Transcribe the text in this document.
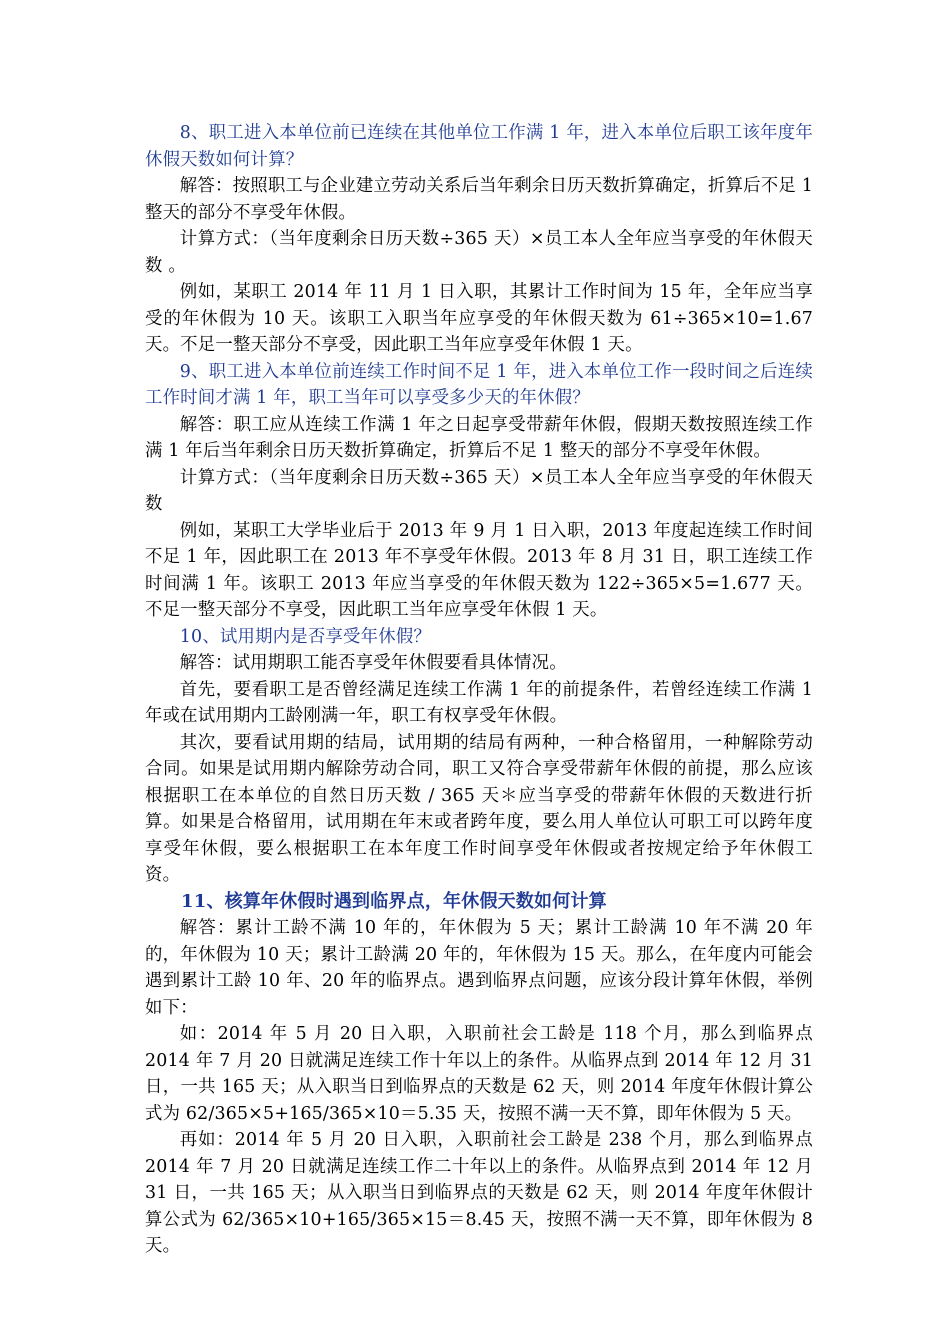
8、职工进入本单位前已连续在其他单位工作满 1 年，进入本单位后职工该年度年休假天数如何计算？

解答：按照职工与企业建立劳动关系后当年剩余日历天数折算确定，折算后不足 1 整天的部分不享受年休假。

计算方式：（当年度剩余日历天数÷365 天）×员工本人全年应当享受的年休假天数 。

例如，某职工 2014 年 11 月 1 日入职，其累计工作时间为 15 年，全年应当享受的年休假为 10 天。该职工入职当年应享受的年休假天数为 61÷365×10=1.67 天。不足一整天部分不享受，因此职工当年应享受年休假 1 天。

9、职工进入本单位前连续工作时间不足 1 年，进入本单位工作一段时间之后连续工作时间才满 1 年，职工当年可以享受多少天的年休假？

解答：职工应从连续工作满 1 年之日起享受带薪年休假，假期天数按照连续工作满 1 年后当年剩余日历天数折算确定，折算后不足 1 整天的部分不享受年休假。

计算方式：（当年度剩余日历天数÷365 天）×员工本人全年应当享受的年休假天数

例如，某职工大学毕业后于 2013 年 9 月 1 日入职，2013 年度起连续工作时间不足 1 年，因此职工在 2013 年不享受年休假。2013 年 8 月 31 日，职工连续工作时间满 1 年。该职工 2013 年应当享受的年休假天数为 122÷365×5=1.677 天。不足一整天部分不享受，因此职工当年应享受年休假 1 天。

10、试用期内是否享受年休假？

解答：试用期职工能否享受年休假要看具体情况。

首先，要看职工是否曾经满足连续工作满 1 年的前提条件，若曾经连续工作满 1 年或在试用期内工龄刚满一年，职工有权享受年休假。

其次，要看试用期的结局，试用期的结局有两种，一种合格留用，一种解除劳动合同。如果是试用期内解除劳动合同，职工又符合享受带薪年休假的前提，那么应该根据职工在本单位的自然日历天数 / 365 天＊应当享受的带薪年休假的天数进行折算。如果是合格留用，试用期在年末或者跨年度，要么用人单位认可职工可以跨年度享受年休假，要么根据职工在本年度工作时间享受年休假或者按规定给予年休假工资。

11、核算年休假时遇到临界点，年休假天数如何计算

解答：累计工龄不满 10 年的，年休假为 5 天；累计工龄满 10 年不满 20 年的，年休假为 10 天；累计工龄满 20 年的，年休假为 15 天。那么，在年度内可能会遇到累计工龄 10 年、20 年的临界点。遇到临界点问题，应该分段计算年休假，举例如下：

如：2014 年 5 月 20 日入职，入职前社会工龄是 118 个月，那么到临界点 2014 年 7 月 20 日就满足连续工作十年以上的条件。从临界点到 2014 年 12 月 31 日，一共 165 天；从入职当日到临界点的天数是 62 天，则 2014 年度年休假计算公式为 62/365×5+165/365×10＝5.35 天，按照不满一天不算，即年休假为 5 天。

再如：2014 年 5 月 20 日入职，入职前社会工龄是 238 个月，那么到临界点 2014 年 7 月 20 日就满足连续工作二十年以上的条件。从临界点到 2014 年 12 月 31 日，一共 165 天；从入职当日到临界点的天数是 62 天，则 2014 年度年休假计算公式为 62/365×10+165/365×15＝8.45 天，按照不满一天不算，即年休假为 8 天。
